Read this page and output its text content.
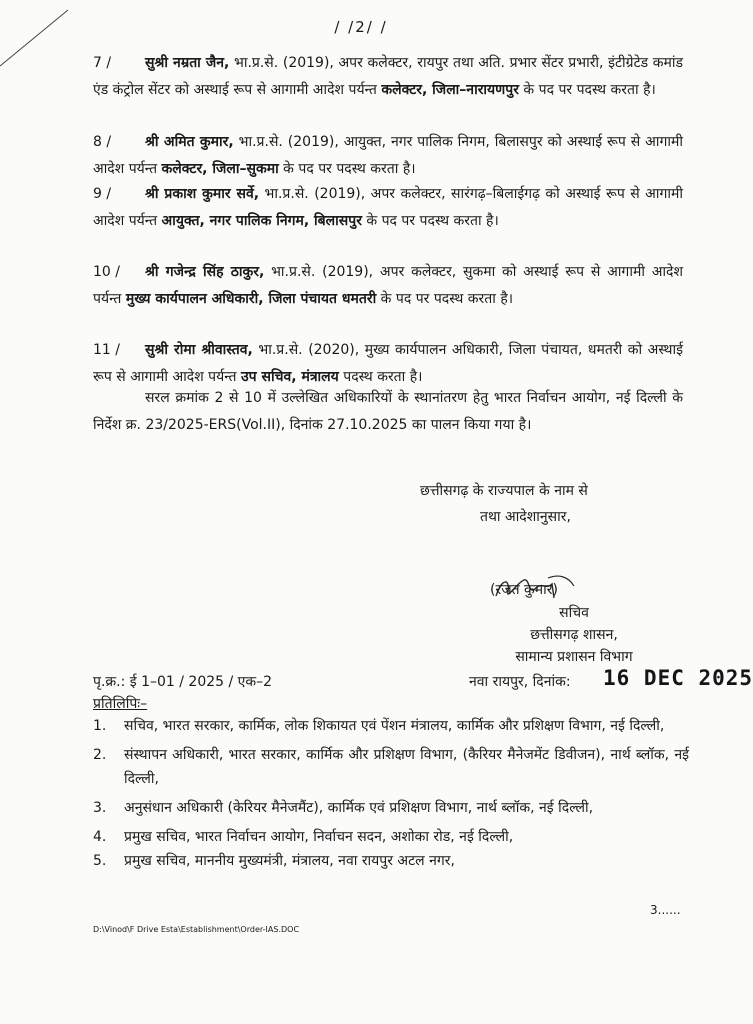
/ /2/ /
7 / सुश्री नम्रता जैन, भा.प्र.से. (2019), अपर कलेक्टर, रायपुर तथा अति. प्रभार सेंटर प्रभारी, इंटीग्रेटेड कमांड एंड कंट्रोल सेंटर को अस्थाई रूप से आगामी आदेश पर्यन्त कलेक्टर, जिला–नारायणपुर के पद पर पदस्थ करता है।
8 / श्री अमित कुमार, भा.प्र.से. (2019), आयुक्त, नगर पालिक निगम, बिलासपुर को अस्थाई रूप से आगामी आदेश पर्यन्त कलेक्टर, जिला–सुकमा के पद पर पदस्थ करता है।
9 / श्री प्रकाश कुमार सर्वे, भा.प्र.से. (2019), अपर कलेक्टर, सारंगढ़–बिलाईगढ़ को अस्थाई रूप से आगामी आदेश पर्यन्त आयुक्त, नगर पालिक निगम, बिलासपुर के पद पर पदस्थ करता है।
10 / श्री गजेन्द्र सिंह ठाकुर, भा.प्र.से. (2019), अपर कलेक्टर, सुकमा को अस्थाई रूप से आगामी आदेश पर्यन्त मुख्य कार्यपालन अधिकारी, जिला पंचायत धमतरी के पद पर पदस्थ करता है।
11 / सुश्री रोमा श्रीवास्तव, भा.प्र.से. (2020), मुख्य कार्यपालन अधिकारी, जिला पंचायत, धमतरी को अस्थाई रूप से आगामी आदेश पर्यन्त उप सचिव, मंत्रालय पदस्थ करता है।
सरल क्रमांक 2 से 10 में उल्लेखित अधिकारियों के स्थानांतरण हेतु भारत निर्वाचन आयोग, नई दिल्ली के निर्देश क्र. 23/2025-ERS(Vol.II), दिनांक 27.10.2025 का पालन किया गया है।
छत्तीसगढ़ के राज्यपाल के नाम से
तथा आदेशानुसार,
(रजत कुमार)
सचिव
छत्तीसगढ़ शासन,
सामान्य प्रशासन विभाग
पृ.क्र.: ई 1–01 / 2025 / एक–2	नवा रायपुर, दिनांक: 16 DEC 2025
प्रतिलिपिः–
1. सचिव, भारत सरकार, कार्मिक, लोक शिकायत एवं पेंशन मंत्रालय, कार्मिक और प्रशिक्षण विभाग, नई दिल्ली,
2. संस्थापन अधिकारी, भारत सरकार, कार्मिक और प्रशिक्षण विभाग, (कैरियर मैनेजमेंट डिवीजन), नार्थ ब्लॉक, नई दिल्ली,
3. अनुसंधान अधिकारी (केरियर मैनेजमैंट), कार्मिक एवं प्रशिक्षण विभाग, नार्थ ब्लॉक, नई दिल्ली,
4. प्रमुख सचिव, भारत निर्वाचन आयोग, निर्वाचन सदन, अशोका रोड, नई दिल्ली,
5. प्रमुख सचिव, माननीय मुख्यमंत्री, मंत्रालय, नवा रायपुर अटल नगर,
3......
D:\Vinod\F Drive Esta\Establishment\Order-IAS.DOC
